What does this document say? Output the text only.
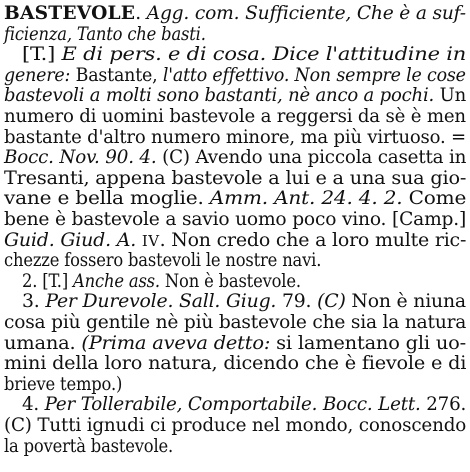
BASTEVOLE. Agg. com. Sufficiente, Che è a suf-
ficienza, Tanto che basti.
[T.] E di pers. e di cosa. Dice l'attitudine in
genere: Bastante, l'atto effettivo. Non sempre le cose
bastevoli a molti sono bastanti, nè anco a pochi. Un
numero di uomini bastevole a reggersi da sè è men
bastante d'altro numero minore, ma più virtuoso. =
Bocc. Nov. 90. 4. (C) Avendo una piccola casetta in
Tresanti, appena bastevole a lui e a una sua gio-
vane e bella moglie. Amm. Ant. 24. 4. 2. Come
bene è bastevole a savio uomo poco vino. [Camp.]
Guid. Giud. A. IV. Non credo che a loro multe ric-
chezze fossero bastevoli le nostre navi.
2. [T.] Anche ass. Non è bastevole.
3. Per Durevole. Sall. Giug. 79. (C) Non è niuna
cosa più gentile nè più bastevole che sia la natura
umana. (Prima aveva detto: si lamentano gli uo-
mini della loro natura, dicendo che è fievole e di
brieve tempo.)
4. Per Tollerabile, Comportabile. Bocc. Lett. 276.
(C) Tutti ignudi ci produce nel mondo, conoscendo
la povertà bastevole.
